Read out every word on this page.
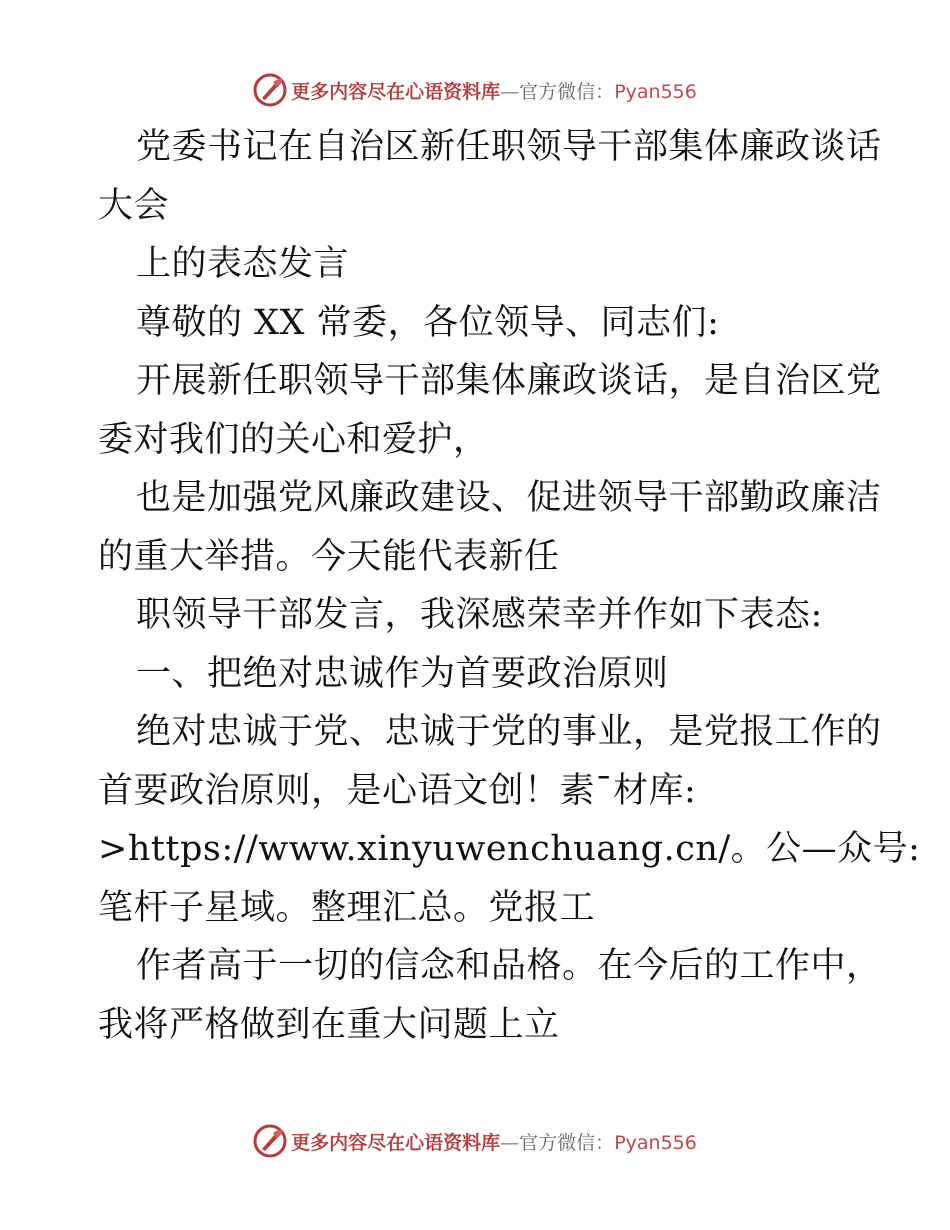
更多内容尽在心语资料库—官方微信：Pyan556
党委书记在自治区新任职领导干部集体廉政谈话
大会
上的表态发言
尊敬的 XX 常委，各位领导、同志们:
开展新任职领导干部集体廉政谈话，是自治区党
委对我们的关心和爱护，
也是加强党风廉政建设、促进领导干部勤政廉洁
的重大举措。今天能代表新任
职领导干部发言，我深感荣幸并作如下表态:
一、把绝对忠诚作为首要政治原则
绝对忠诚于党、忠诚于党的事业，是党报工作的
首要政治原则，是心语文创！素¯材库:
>https://www.xinyuwenchuang.cn/。公—众号:
笔杆子星域。整理汇总。党报工
作者高于一切的信念和品格。在今后的工作中，
我将严格做到在重大问题上立
更多内容尽在心语资料库—官方微信：Pyan556
